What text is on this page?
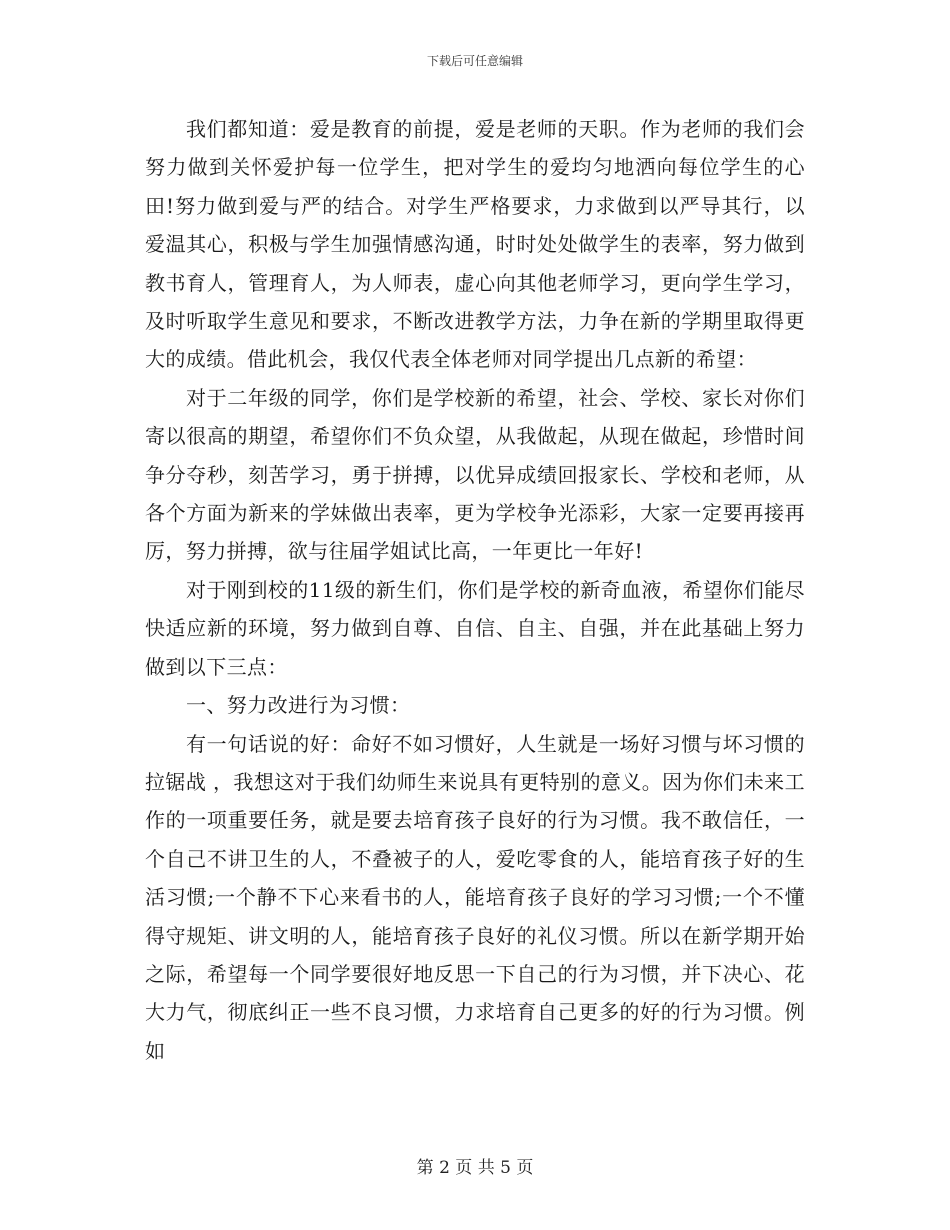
下载后可任意编辑

我们都知道：爱是教育的前提，爱是老师的天职。作为老师的我们会努力做到关怀爱护每一位学生，把对学生的爱均匀地洒向每位学生的心田!努力做到爱与严的结合。对学生严格要求，力求做到以严导其行，以爱温其心，积极与学生加强情感沟通，时时处处做学生的表率，努力做到教书育人，管理育人，为人师表，虚心向其他老师学习，更向学生学习，及时听取学生意见和要求，不断改进教学方法，力争在新的学期里取得更大的成绩。借此机会，我仅代表全体老师对同学提出几点新的希望：

对于二年级的同学，你们是学校新的希望，社会、学校、家长对你们寄以很高的期望，希望你们不负众望，从我做起，从现在做起，珍惜时间争分夺秒，刻苦学习，勇于拼搏，以优异成绩回报家长、学校和老师，从各个方面为新来的学妹做出表率，更为学校争光添彩，大家一定要再接再厉，努力拼搏，欲与往届学姐试比高，一年更比一年好!

对于刚到校的11级的新生们，你们是学校的新奇血液，希望你们能尽快适应新的环境，努力做到自尊、自信、自主、自强，并在此基础上努力做到以下三点：

一、努力改进行为习惯：

有一句话说的好：命好不如习惯好，人生就是一场好习惯与坏习惯的拉锯战 ，我想这对于我们幼师生来说具有更特别的意义。因为你们未来工作的一项重要任务，就是要去培育孩子良好的行为习惯。我不敢信任，一个自己不讲卫生的人，不叠被子的人，爱吃零食的人，能培育孩子好的生活习惯;一个静不下心来看书的人，能培育孩子良好的学习习惯;一个不懂得守规矩、讲文明的人，能培育孩子良好的礼仪习惯。所以在新学期开始之际，希望每一个同学要很好地反思一下自己的行为习惯，并下决心、花大力气，彻底纠正一些不良习惯，力求培育自己更多的好的行为习惯。例如

第 2 页 共 5 页
